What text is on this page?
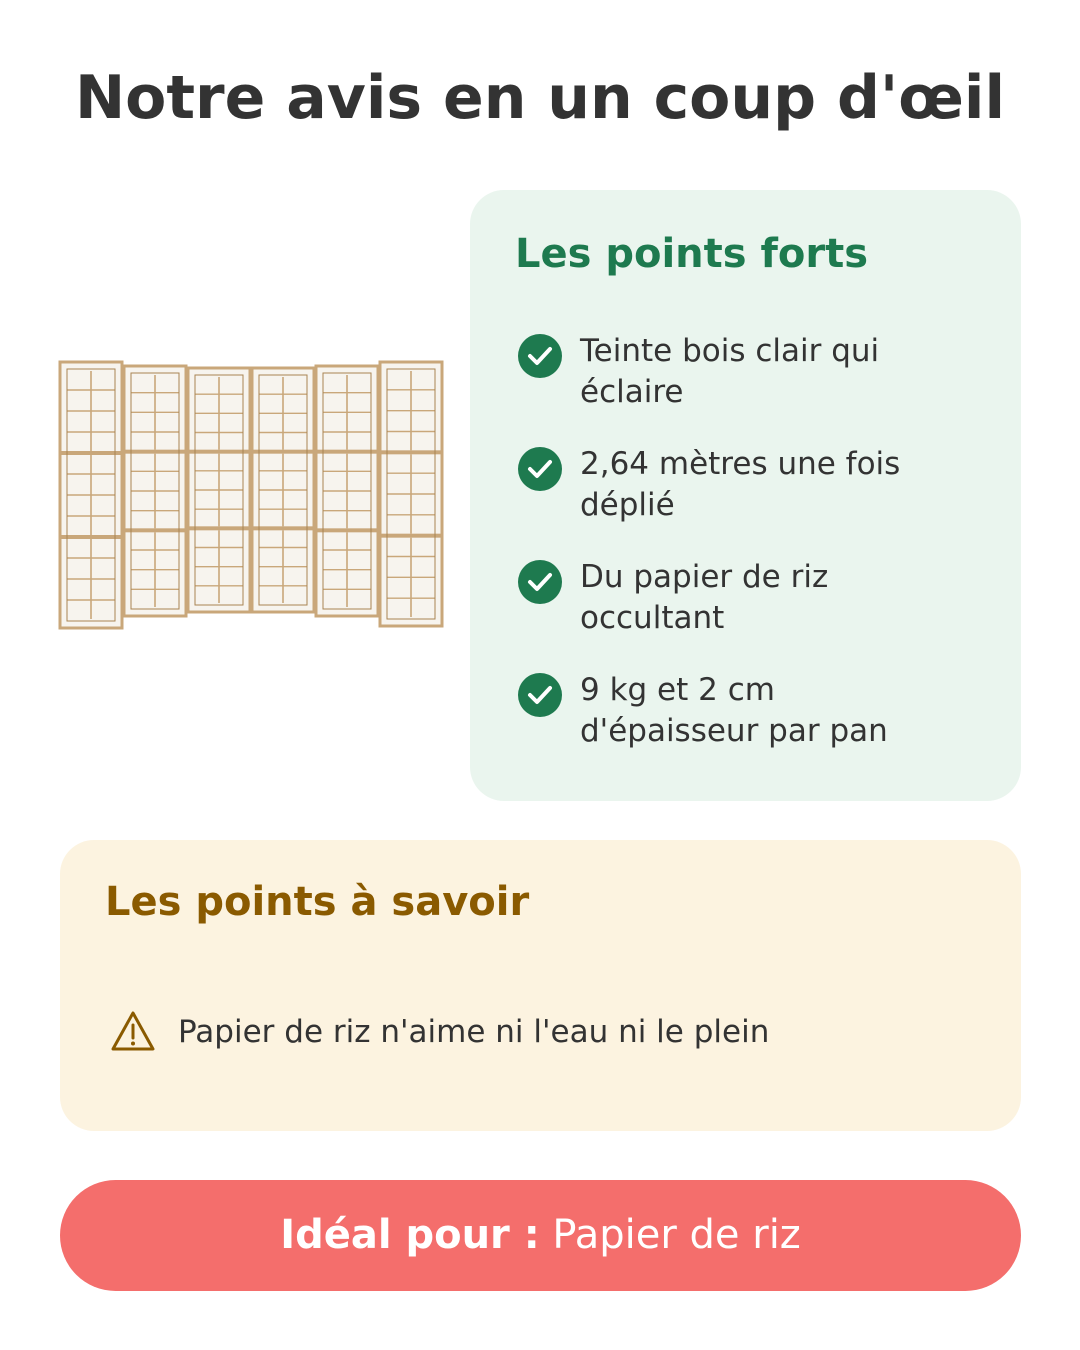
Notre avis en un coup d'œil
Les points forts
Teinte bois clair qui
éclaire
2,64 mètres une fois
déplié
Du papier de riz
occultant
9 kg et 2 cm
d'épaisseur par pan
Les points à savoir
Papier de riz n'aime ni l'eau ni le plein
Idéal pour : Papier de riz
